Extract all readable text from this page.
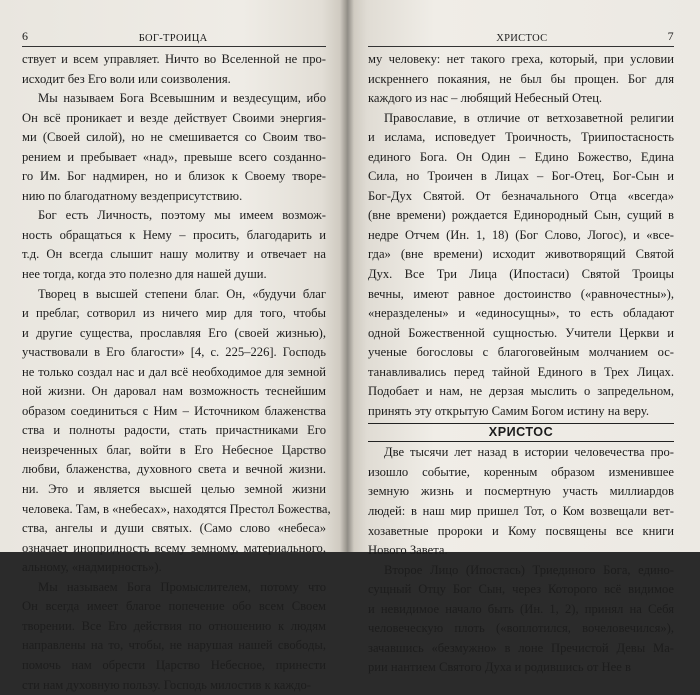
6	БОГ-ТРОИЦА
ствует и всем управляет. Ничто во Вселенной не про-
исходит без Его воли или соизволения.
Мы называем Бога Всевышним и вездесущим, ибо
Он всё проникает и везде действует Своими энергия-
ми (Своей силой), но не смешивается со Своим тво-
рением и пребывает «над», превыше всего созданно-
го Им. Бог надмирен, но и близок к Своему творе-
нию по благодатному вездеприсутствию.
Бог есть Личность, поэтому мы имеем возмож-
ность обращаться к Нему – просить, благодарить и
т.д. Он всегда слышит нашу молитву и отвечает на
нее тогда, когда это полезно для нашей души.
Творец в высшей степени благ. Он, «будучи благ
и преблаг, сотворил из ничего мир для того, чтобы
и другие существа, прославляя Его (своей жизнью),
участвовали в Его благости» [4, с. 225–226]. Господь
не только создал нас и дал всё необходимое для земной
ной жизни. Он даровал нам возможность теснейшим
образом соединиться с Ним – Источником блаженства
ства и полноты радости, стать причастниками Его
неизреченных благ, войти в Его Небесное Царство
любви, блаженства, духовного света и вечной жизни.
ни. Это и является высшей целью земной жизни
человека. Там, в «небесах», находятся Престол Божества,
ства, ангелы и души святых. (Само слово «небеса»
означает инопридность всему земному, материального,
альному, «надмирность»).
Мы называем Бога Промыслителем, потому что
Он всегда имеет благое попечение обо всем Своем
творении. Все Его действия по отношению к людям
направлены на то, чтобы, не нарушая нашей свободы,
помочь нам обрести Царство Небесное, принести
сти нам духовную пользу. Господь милостив к каждо-
ХРИСТОС	7
му человеку: нет такого греха, который, при условии
искреннего покаяния, не был бы прощен. Бог для
каждого из нас – любящий Небесный Отец.
Православие, в отличие от ветхозаветной религии
и ислама, исповедует Троичность, Триипостасность
единого Бога. Он Один – Едино Божество, Едина
Сила, но Троичен в Лицах – Бог-Отец, Бог-Сын и
Бог-Дух Святой. От безначального Отца «всегда»
(вне времени) рождается Единородный Сын, сущий в
недре Отчем (Ин. 1, 18) (Бог Слово, Логос), и «все-
гда» (вне времени) исходит животворящий Святой
Дух. Все Три Лица (Ипостаси) Святой Троицы
вечны, имеют равное достоинство («равночестны»),
«неразделены» и «единосущны», то есть обладают
одной Божественной сущностью. Учители Церкви и
ученые богословы с благоговейным молчанием ос-
танавливались перед тайной Единого в Трех Лицах.
Подобает и нам, не дерзая мыслить о запредельном,
принять эту открытую Самим Богом истину на веру.
ХРИСТОС
Две тысячи лет назад в истории человечества про-
изошло событие, коренным образом изменившее
земную жизнь и посмертную участь миллиардов
людей: в наш мир пришел Тот, о Ком возвещали вет-
хозаветные пророки и Кому посвящены все книги
Нового Завета.
Второе Лицо (Ипостась) Триединого Бога, едино-
сущный Отцу Бог Сын, через Которого всё видимое
и невидимое начало быть (Ин. 1, 2), принял на Себя
человеческую плоть («воплотился, вочеловечился»),
зачавшись «безмужно» в лоне Пречистой Девы Ма-
рии нантием Святого Духа и родившись от Нее в
